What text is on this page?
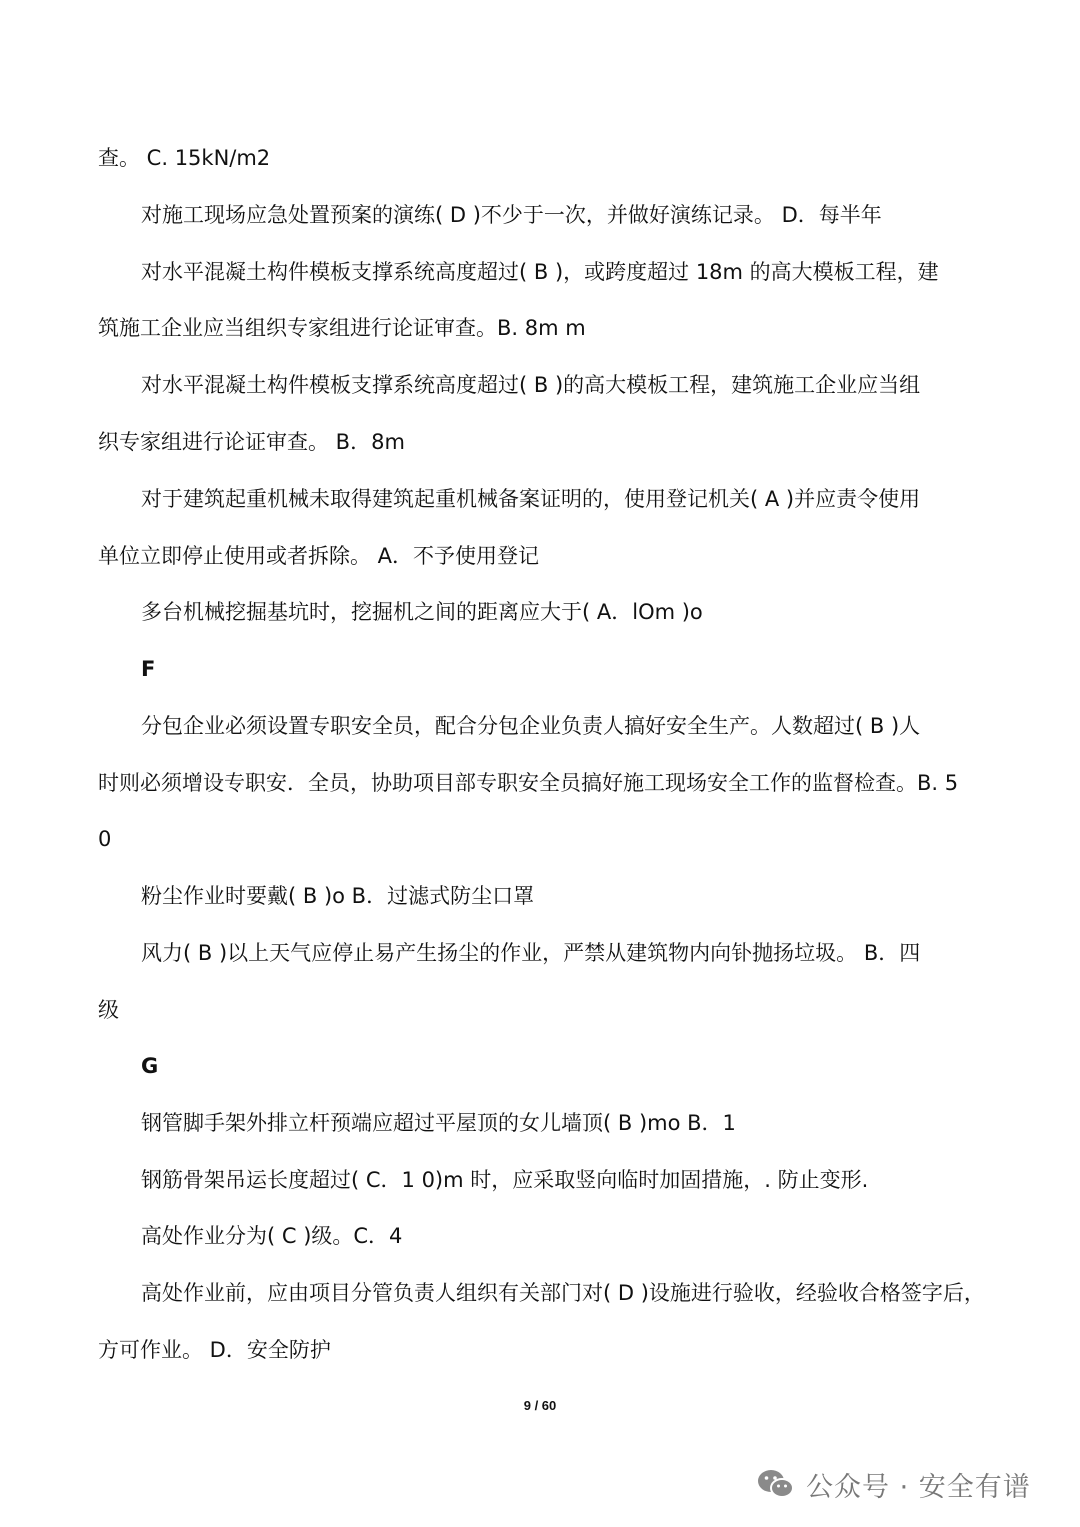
查。 C. 15kN/m2

对施工现场应急处置预案的演练( D )不少于一次，并做好演练记录。 D．每半年

对水平混凝土构件模板支撑系统高度超过( B )，或跨度超过 18m 的高大模板工程，建

筑施工企业应当组织专家组进行论证审查。B. 8m m

对水平混凝土构件模板支撑系统高度超过( B )的高大模板工程，建筑施工企业应当组

织专家组进行论证审查。 B．8m

对于建筑起重机械未取得建筑起重机械备案证明的，使用登记机关( A )并应责令使用

单位立即停止使用或者拆除。 A．不予使用登记

多台机械挖掘基坑时，挖掘机之间的距离应大于( A．lOm )o

F

分包企业必须设置专职安全员，配合分包企业负责人搞好安全生产。人数超过( B )人

时则必须增设专职安．全员，协助项目部专职安全员搞好施工现场安全工作的监督检查。B. 5

0

粉尘作业时要戴( B )o B．过滤式防尘口罩

风力( B )以上天气应停止易产生扬尘的作业，严禁从建筑物内向钋抛扬垃圾。 B．四

级

G

钢管脚手架外排立杆预端应超过平屋顶的女儿墙顶( B )mo B．1

钢筋骨架吊运长度超过( C．1 0)m 时，应采取竖向临时加固措施，. 防止变形.

高处作业分为( C )级。C．4

高处作业前，应由项目分管负责人组织有关部门对( D )设施进行验收，经验收合格签字后，

方可作业。 D．安全防护

9 / 60
公众号 · 安全有谱
